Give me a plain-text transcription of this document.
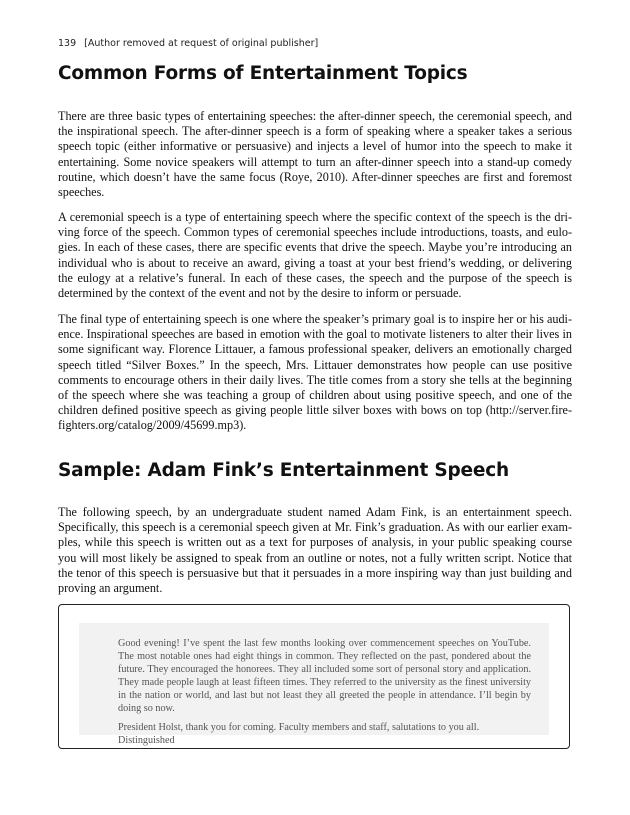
139 [Author removed at request of original publisher]
Common Forms of Entertainment Topics

There are three basic types of entertaining speeches: the after-dinner speech, the ceremonial speech, and the inspirational speech. The after-dinner speech is a form of speaking where a speaker takes a serious speech topic (either informative or persuasive) and injects a level of humor into the speech to make it entertaining. Some novice speakers will attempt to turn an after-dinner speech into a stand-up comedy routine, which doesn’t have the same focus (Roye, 2010). After-dinner speeches are first and foremost speeches.

A ceremonial speech is a type of entertaining speech where the specific context of the speech is the driving force of the speech. Common types of ceremonial speeches include introductions, toasts, and eulogies. In each of these cases, there are specific events that drive the speech. Maybe you’re introducing an individual who is about to receive an award, giving a toast at your best friend’s wedding, or delivering the eulogy at a relative’s funeral. In each of these cases, the speech and the purpose of the speech is determined by the context of the event and not by the desire to inform or persuade.

The final type of entertaining speech is one where the speaker’s primary goal is to inspire her or his audience. Inspirational speeches are based in emotion with the goal to motivate listeners to alter their lives in some significant way. Florence Littauer, a famous professional speaker, delivers an emotionally charged speech titled “Silver Boxes.” In the speech, Mrs. Littauer demonstrates how people can use positive comments to encourage others in their daily lives. The title comes from a story she tells at the beginning of the speech where she was teaching a group of children about using positive speech, and one of the children defined positive speech as giving people little silver boxes with bows on top (http://server.firefighters.org/catalog/2009/45699.mp3).

Sample: Adam Fink’s Entertainment Speech

The following speech, by an undergraduate student named Adam Fink, is an entertainment speech. Specifically, this speech is a ceremonial speech given at Mr. Fink’s graduation. As with our earlier examples, while this speech is written out as a text for purposes of analysis, in your public speaking course you will most likely be assigned to speak from an outline or notes, not a fully written script. Notice that the tenor of this speech is persuasive but that it persuades in a more inspiring way than just building and proving an argument.

Good evening! I’ve spent the last few months looking over commencement speeches on YouTube. The most notable ones had eight things in common. They reflected on the past, pondered about the future. They encouraged the honorees. They all included some sort of personal story and application. They made people laugh at least fifteen times. They referred to the university as the finest university in the nation or world, and last but not least they all greeted the people in attendance. I’ll begin by doing so now.

President Holst, thank you for coming. Faculty members and staff, salutations to you all. Distinguished
